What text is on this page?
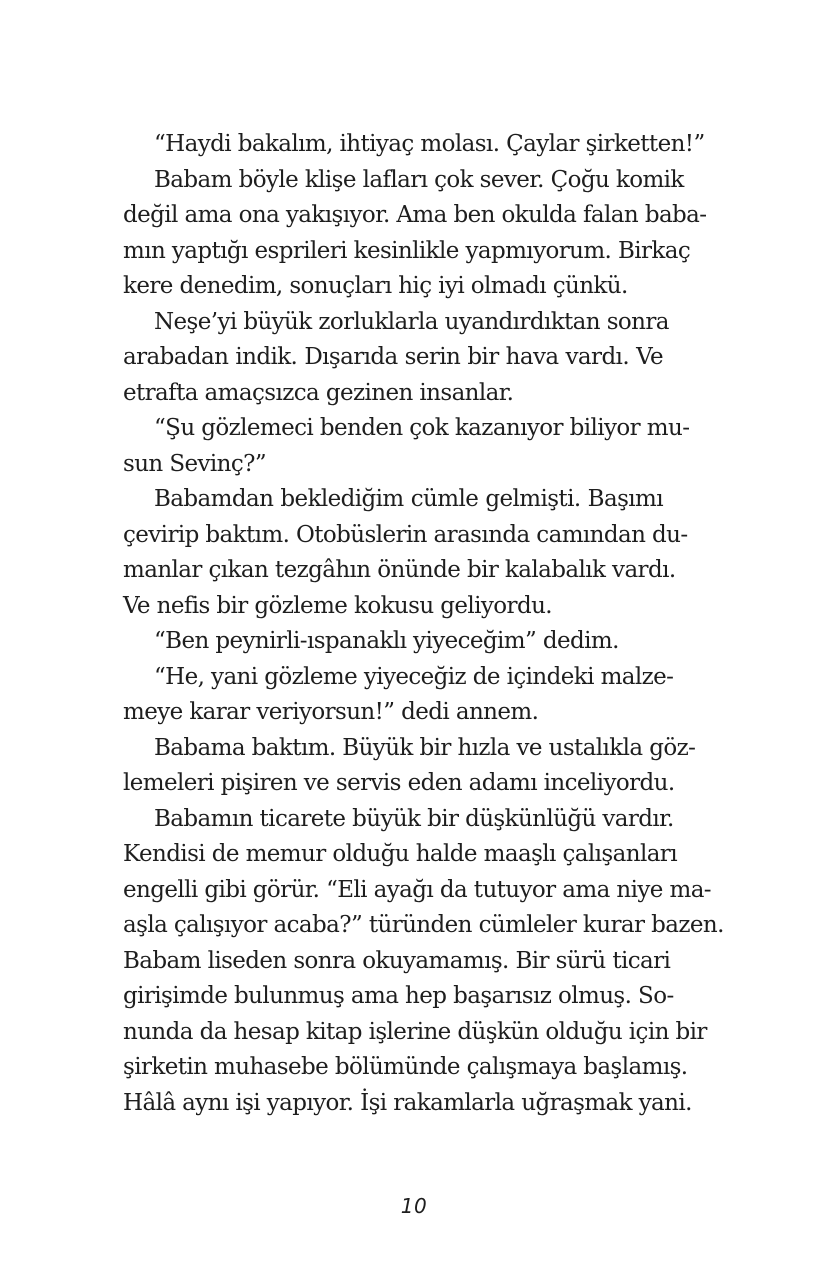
“Haydi bakalım, ihtiyaç molası. Çaylar şirketten!”
Babam böyle klişe lafları çok sever. Çoğu komik
değil ama ona yakışıyor. Ama ben okulda falan baba-
mın yaptığı esprileri kesinlikle yapmıyorum. Birkaç
kere denedim, sonuçları hiç iyi olmadı çünkü.
Neşe’yi büyük zorluklarla uyandırdıktan sonra
arabadan indik. Dışarıda serin bir hava vardı. Ve
etrafta amaçsızca gezinen insanlar.
“Şu gözlemeci benden çok kazanıyor biliyor mu-
sun Sevinç?”
Babamdan beklediğim cümle gelmişti. Başımı
çevirip baktım. Otobüslerin arasında camından du-
manlar çıkan tezgâhın önünde bir kalabalık vardı.
Ve nefis bir gözleme kokusu geliyordu.
“Ben peynirli-ıspanaklı yiyeceğim” dedim.
“He, yani gözleme yiyeceğiz de içindeki malze-
meye karar veriyorsun!” dedi annem.
Babama baktım. Büyük bir hızla ve ustalıkla göz-
lemeleri pişiren ve servis eden adamı inceliyordu.
Babamın ticarete büyük bir düşkünlüğü vardır.
Kendisi de memur olduğu halde maaşlı çalışanları
engelli gibi görür. “Eli ayağı da tutuyor ama niye ma-
aşla çalışıyor acaba?” türünden cümleler kurar bazen.
Babam liseden sonra okuyamamış. Bir sürü ticari
girişimde bulunmuş ama hep başarısız olmuş. So-
nunda da hesap kitap işlerine düşkün olduğu için bir
şirketin muhasebe bölümünde çalışmaya başlamış.
Hâlâ aynı işi yapıyor. İşi rakamlarla uğraşmak yani.
10
